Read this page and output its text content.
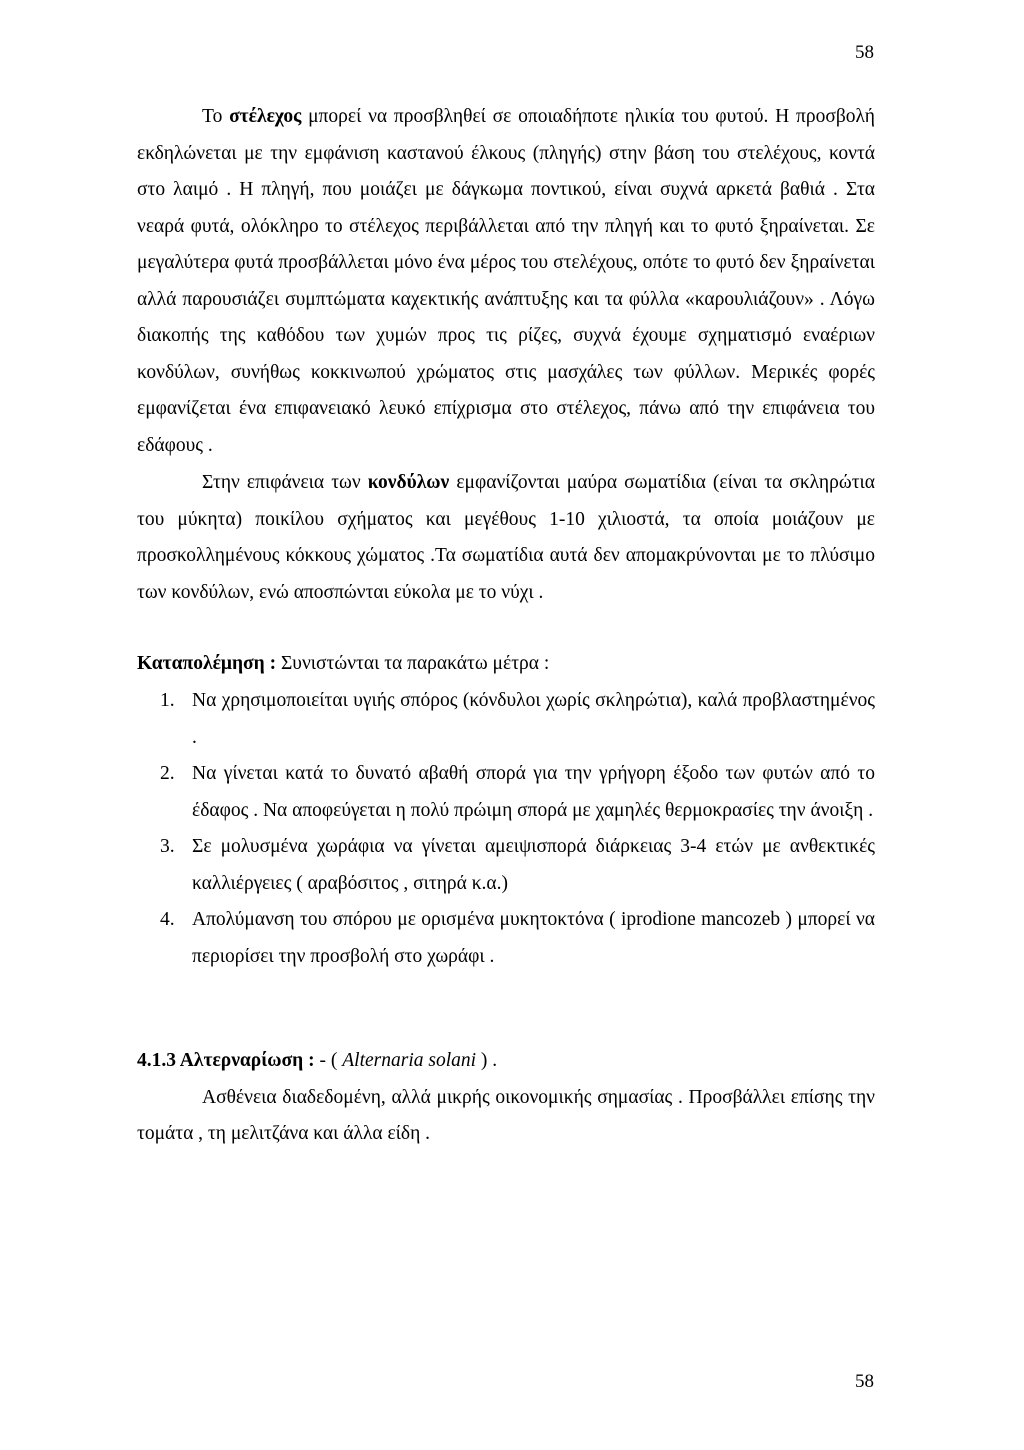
58

Το στέλεχος μπορεί να προσβληθεί σε οποιαδήποτε ηλικία του φυτού. Η προσβολή εκδηλώνεται με την εμφάνιση καστανού έλκους (πληγής) στην βάση του στελέχους, κοντά στο λαιμό . Η πληγή, που μοιάζει με δάγκωμα ποντικού, είναι συχνά αρκετά βαθιά . Στα νεαρά φυτά, ολόκληρο το στέλεχος περιβάλλεται από την πληγή και το φυτό ξηραίνεται. Σε μεγαλύτερα φυτά προσβάλλεται μόνο ένα μέρος του στελέχους, οπότε το φυτό δεν ξηραίνεται αλλά παρουσιάζει συμπτώματα καχεκτικής ανάπτυξης και τα φύλλα «καρουλιάζουν» . Λόγω διακοπής της καθόδου των χυμών προς τις ρίζες, συχνά έχουμε σχηματισμό εναέριων κονδύλων, συνήθως κοκκινωπού χρώματος στις μασχάλες των φύλλων. Μερικές φορές εμφανίζεται ένα επιφανειακό λευκό επίχρισμα στο στέλεχος, πάνω από την επιφάνεια του εδάφους .

Στην επιφάνεια των κονδύλων εμφανίζονται μαύρα σωματίδια (είναι τα σκληρώτια του μύκητα) ποικίλου σχήματος και μεγέθους 1-10 χιλιοστά, τα οποία μοιάζουν με προσκολλημένους κόκκους χώματος .Τα σωματίδια αυτά δεν απομακρύνονται με το πλύσιμο των κονδύλων, ενώ αποσπώνται εύκολα με το νύχι .

Καταπολέμηση : Συνιστώνται τα παρακάτω μέτρα :

1. Να χρησιμοποιείται υγιής σπόρος (κόνδυλοι χωρίς σκληρώτια), καλά προβλαστημένος .
2. Να γίνεται κατά το δυνατό αβαθή σπορά για την γρήγορη έξοδο των φυτών από το έδαφος . Να αποφεύγεται η πολύ πρώιμη σπορά με χαμηλές θερμοκρασίες την άνοιξη .
3. Σε μολυσμένα χωράφια να γίνεται αμειψισπορά διάρκειας 3-4 ετών με ανθεκτικές καλλιέργειες ( αραβόσιτος , σιτηρά κ.α.)
4. Απολύμανση του σπόρου με ορισμένα μυκητοκτόνα ( iprodione mancozeb ) μπορεί να περιορίσει την προσβολή στο χωράφι .

4.1.3 Αλτερναρίωση : - ( Alternaria solani ) .

Ασθένεια διαδεδομένη, αλλά μικρής οικονομικής σημασίας . Προσβάλλει επίσης την τομάτα , τη μελιτζάνα και άλλα είδη .

58
